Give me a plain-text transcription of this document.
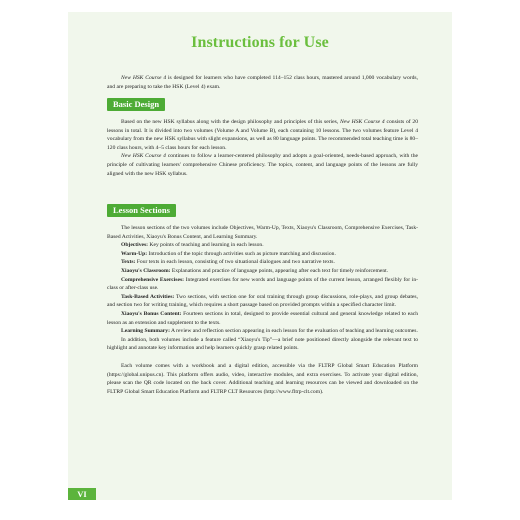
Instructions for Use

New HSK Course 4 is designed for learners who have completed 114–152 class hours, mastered around 1,000 vocabulary words, and are preparing to take the HSK (Level 4) exam.

Basic Design

Based on the new HSK syllabus along with the design philosophy and principles of this series, New HSK Course 4 consists of 20 lessons in total. It is divided into two volumes (Volume A and Volume B), each containing 10 lessons. The two volumes feature Level 4 vocabulary from the new HSK syllabus with slight expansions, as well as 80 language points. The recommended total teaching time is 80–120 class hours, with 4–5 class hours for each lesson.

New HSK Course 4 continues to follow a learner-centered philosophy and adopts a goal-oriented, needs-based approach, with the principle of cultivating learners' comprehensive Chinese proficiency. The topics, content, and language points of the lessons are fully aligned with the new HSK syllabus.

Lesson Sections

The lesson sections of the two volumes include Objectives, Warm-Up, Texts, Xiaoyu's Classroom, Comprehensive Exercises, Task-Based Activities, Xiaoyu's Bonus Content, and Learning Summary.

Objectives: Key points of teaching and learning in each lesson.

Warm-Up: Introduction of the topic through activities such as picture matching and discussion.

Texts: Four texts in each lesson, consisting of two situational dialogues and two narrative texts.

Xiaoyu's Classroom: Explanations and practice of language points, appearing after each text for timely reinforcement.

Comprehensive Exercises: Integrated exercises for new words and language points of the current lesson, arranged flexibly for in-class or after-class use.

Task-Based Activities: Two sections, with section one for oral training through group discussions, role-plays, and group debates, and section two for writing training, which requires a short passage based on provided prompts within a specified character limit.

Xiaoyu's Bonus Content: Fourteen sections in total, designed to provide essential cultural and general knowledge related to each lesson as an extension and supplement to the texts.

Learning Summary: A review and reflection section appearing in each lesson for the evaluation of teaching and learning outcomes.

In addition, both volumes include a feature called “Xiaoyu's Tip”—a brief note positioned directly alongside the relevant text to highlight and annotate key information and help learners quickly grasp related points.

Each volume comes with a workbook and a digital edition, accessible via the FLTRP Global Smart Education Platform (https://global.unipus.cn). This platform offers audio, video, interactive modules, and extra exercises. To activate your digital edition, please scan the QR code located on the back cover. Additional teaching and learning resources can be viewed and downloaded on the FLTRP Global Smart Education Platform and FLTRP CLT Resources (http://www.fltrp-clt.com).

VI
